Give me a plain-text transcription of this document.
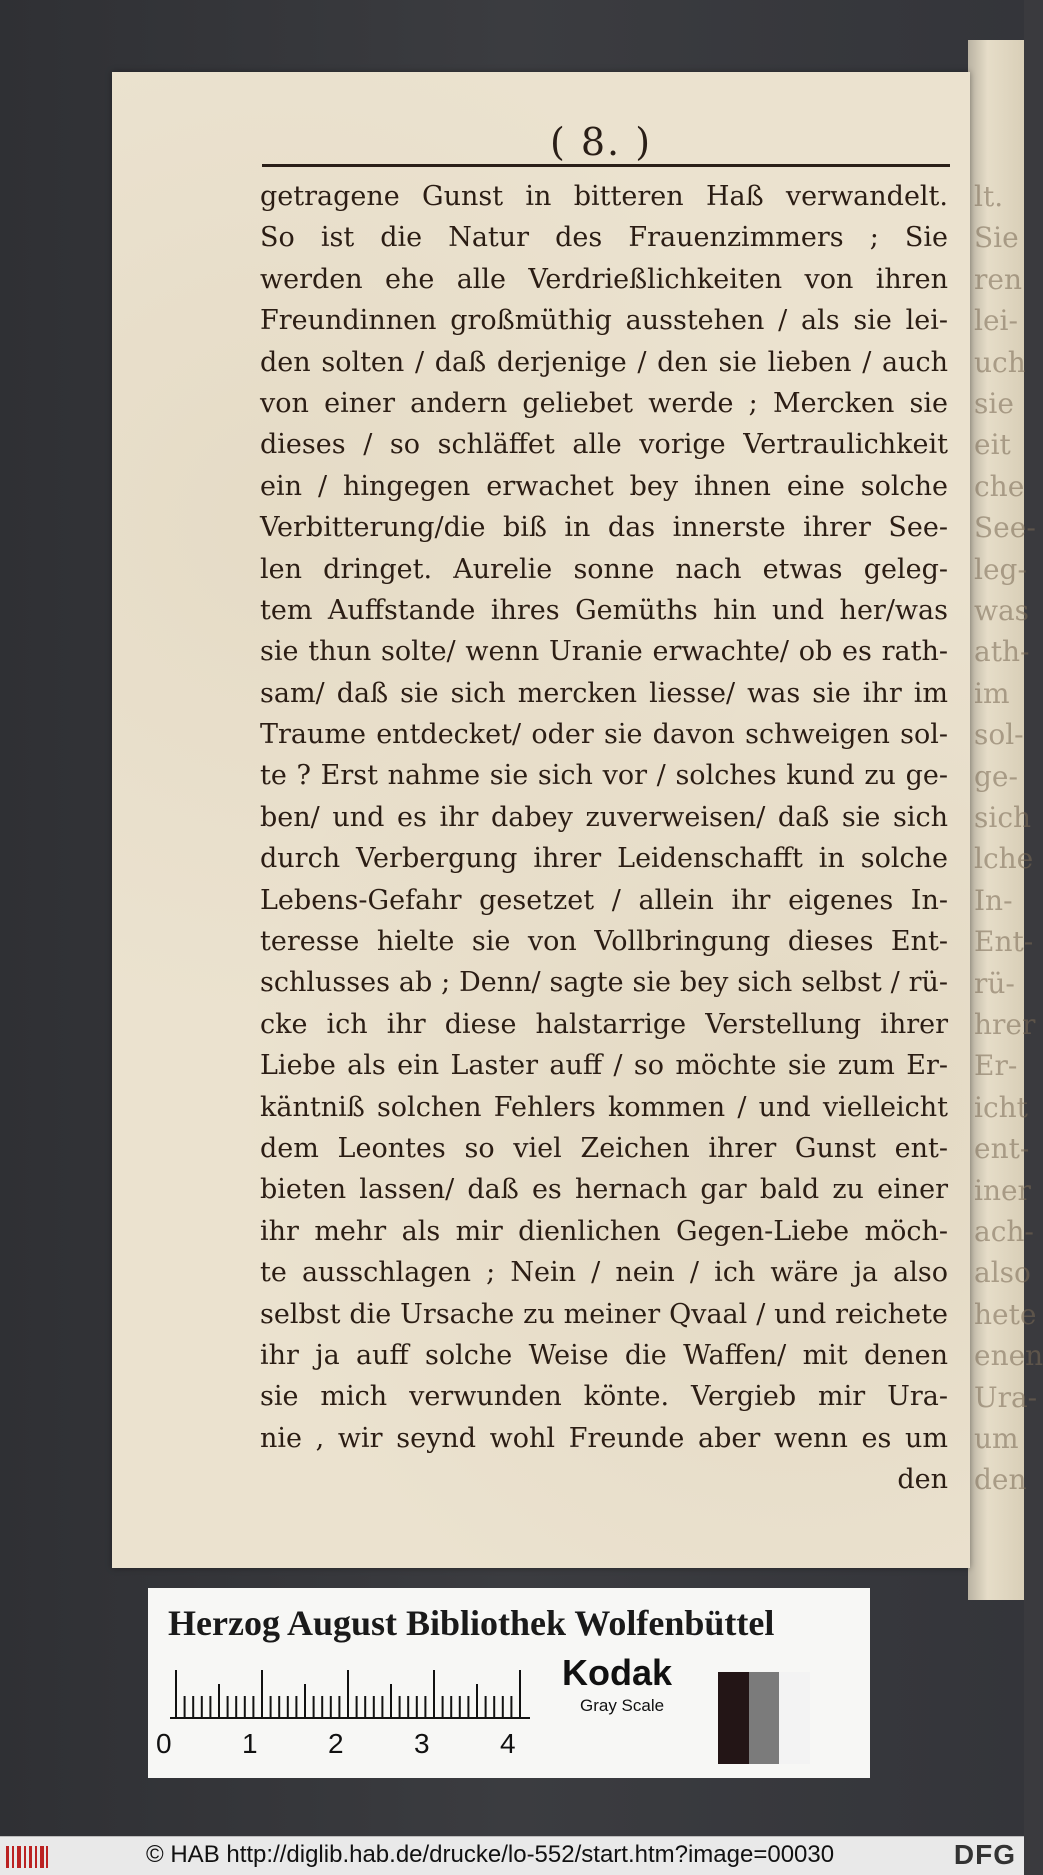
lt.
Sie
ren
lei-
uch
sie
eit
che
See-
leg-
was
ath-
im
sol-
ge-
sich
lche
In-
Ent-
rü-
hrer
Er-
icht
ent-
iner
ach-
also
hete
enen
Ura-
um
den
( 8. )
getragene Gunst in bitteren Haß verwandelt.
So ist die Natur des Frauenzimmers ; Sie
werden ehe alle Verdrießlichkeiten von ihren
Freundinnen großmüthig ausstehen / als sie lei-
den solten / daß derjenige / den sie lieben / auch
von einer andern geliebet werde ; Mercken sie
dieses / so schläffet alle vorige Vertraulichkeit
ein / hingegen erwachet bey ihnen eine solche
Verbitterung/die biß in das innerste ihrer See-
len dringet. Aurelie sonne nach etwas geleg-
tem Auffstande ihres Gemüths hin und her/was
sie thun solte/ wenn Uranie erwachte/ ob es rath-
sam/ daß sie sich mercken liesse/ was sie ihr im
Traume entdecket/ oder sie davon schweigen sol-
te ? Erst nahme sie sich vor / solches kund zu ge-
ben/ und es ihr dabey zuverweisen/ daß sie sich
durch Verbergung ihrer Leidenschafft in solche
Lebens-Gefahr gesetzet / allein ihr eigenes In-
teresse hielte sie von Vollbringung dieses Ent-
schlusses ab ; Denn/ sagte sie bey sich selbst / rü-
cke ich ihr diese halstarrige Verstellung ihrer
Liebe als ein Laster auff / so möchte sie zum Er-
käntniß solchen Fehlers kommen / und vielleicht
dem Leontes so viel Zeichen ihrer Gunst ent-
bieten lassen/ daß es hernach gar bald zu einer
ihr mehr als mir dienlichen Gegen-Liebe möch-
te ausschlagen ; Nein / nein / ich wäre ja also
selbst die Ursache zu meiner Qvaal / und reichete
ihr ja auff solche Weise die Waffen/ mit denen
sie mich verwunden könte. Vergieb mir Ura-
nie , wir seynd wohl Freunde aber wenn es um
den
Herzog August Bibliothek Wolfenbüttel
0	1	2	3	4
Kodak
Gray Scale
© HAB http://diglib.hab.de/drucke/lo-552/start.htm?image=00030	DFG
